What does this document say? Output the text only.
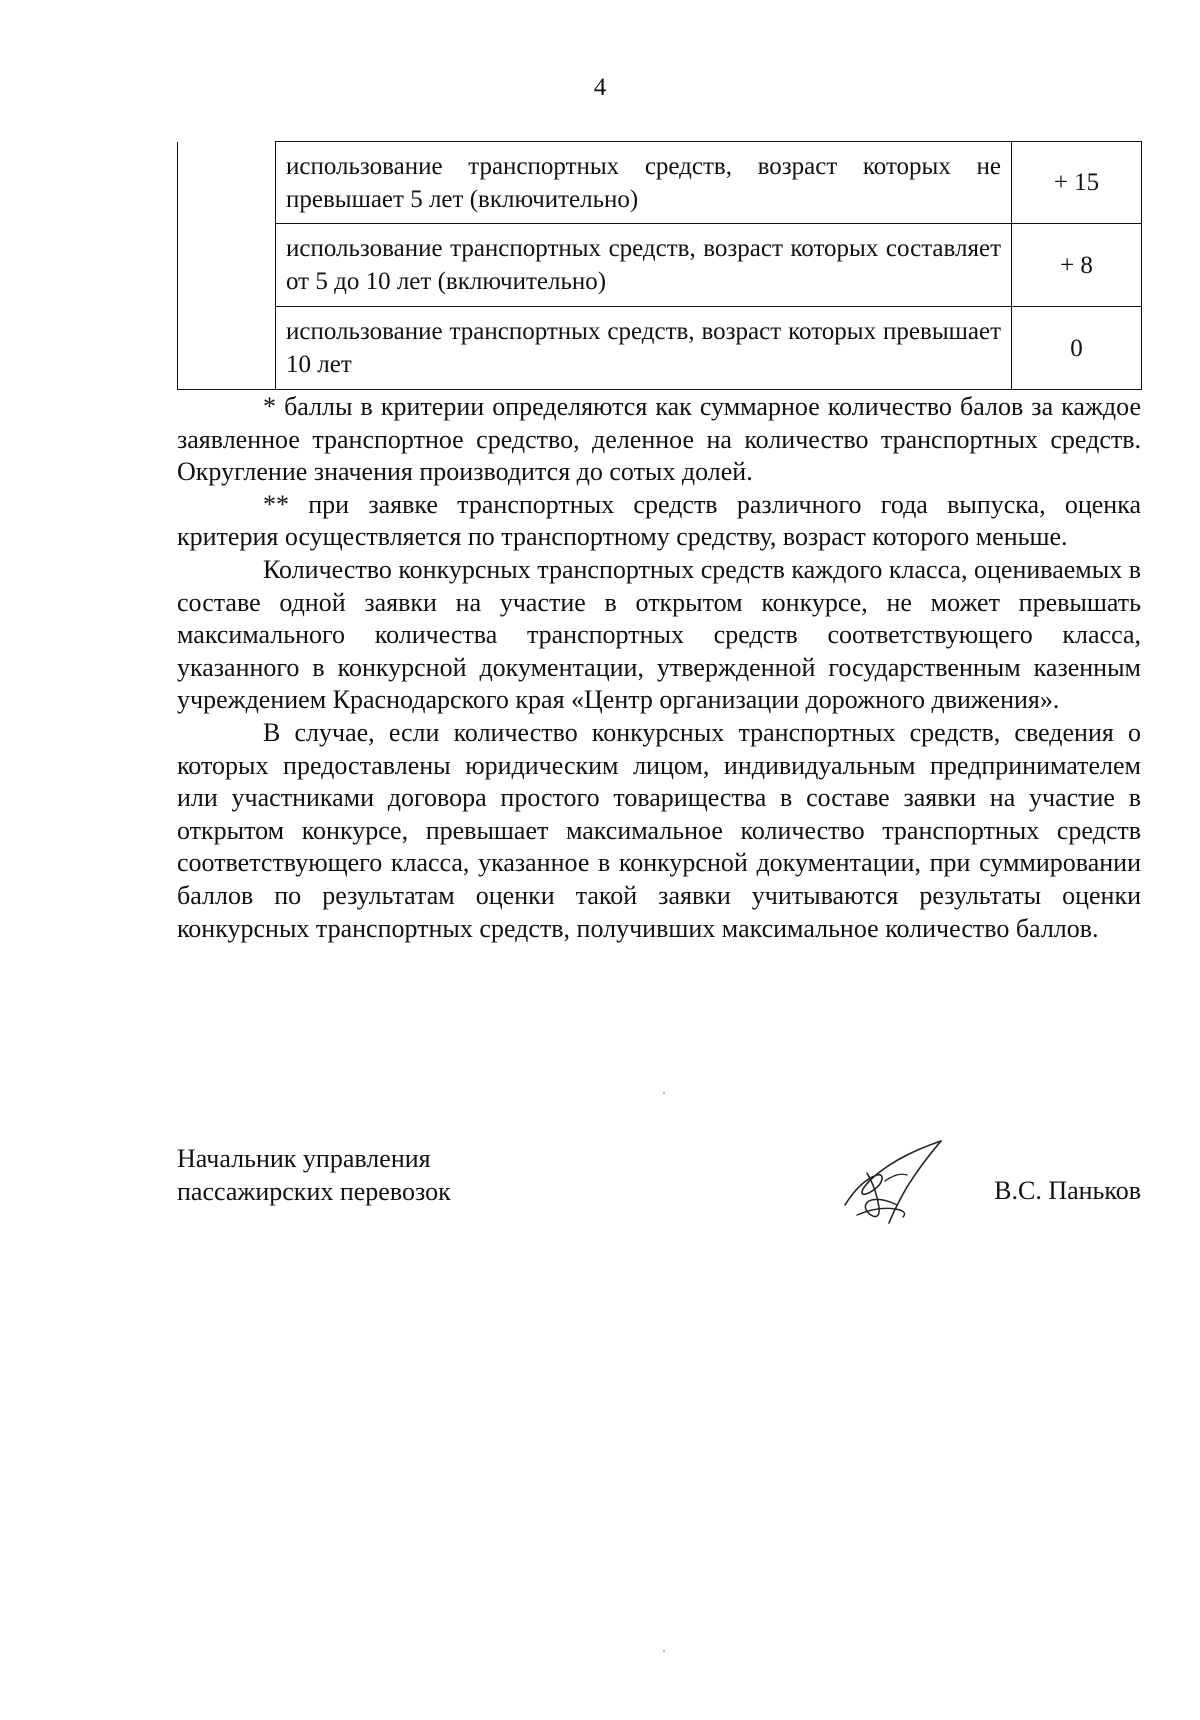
4

	использование транспортных средств, возраст которых не превышает 5 лет (включительно)	+ 15
	использование транспортных средств, возраст которых составляет от 5 до 10 лет (включительно)	+ 8
	использование транспортных средств, возраст которых превышает 10 лет	0

* баллы в критерии определяются как суммарное количество балов за каждое заявленное транспортное средство, деленное на количество транспортных средств. Округление значения производится до сотых долей.

** при заявке транспортных средств различного года выпуска, оценка критерия осуществляется по транспортному средству, возраст которого меньше.

Количество конкурсных транспортных средств каждого класса, оцениваемых в составе одной заявки на участие в открытом конкурсе, не может превышать максимального количества транспортных средств соответствующего класса, указанного в конкурсной документации, утвержденной государственным казенным учреждением Краснодарского края «Центр организации дорожного движения».

В случае, если количество конкурсных транспортных средств, сведения о которых предоставлены юридическим лицом, индивидуальным предпринимателем или участниками договора простого товарищества в составе заявки на участие в открытом конкурсе, превышает максимальное количество транспортных средств соответствующего класса, указанное в конкурсной документации, при суммировании баллов по результатам оценки такой заявки учитываются результаты оценки конкурсных транспортных средств, получивших максимальное количество баллов.

Начальник управления
пассажирских перевозок	В.С. Паньков
